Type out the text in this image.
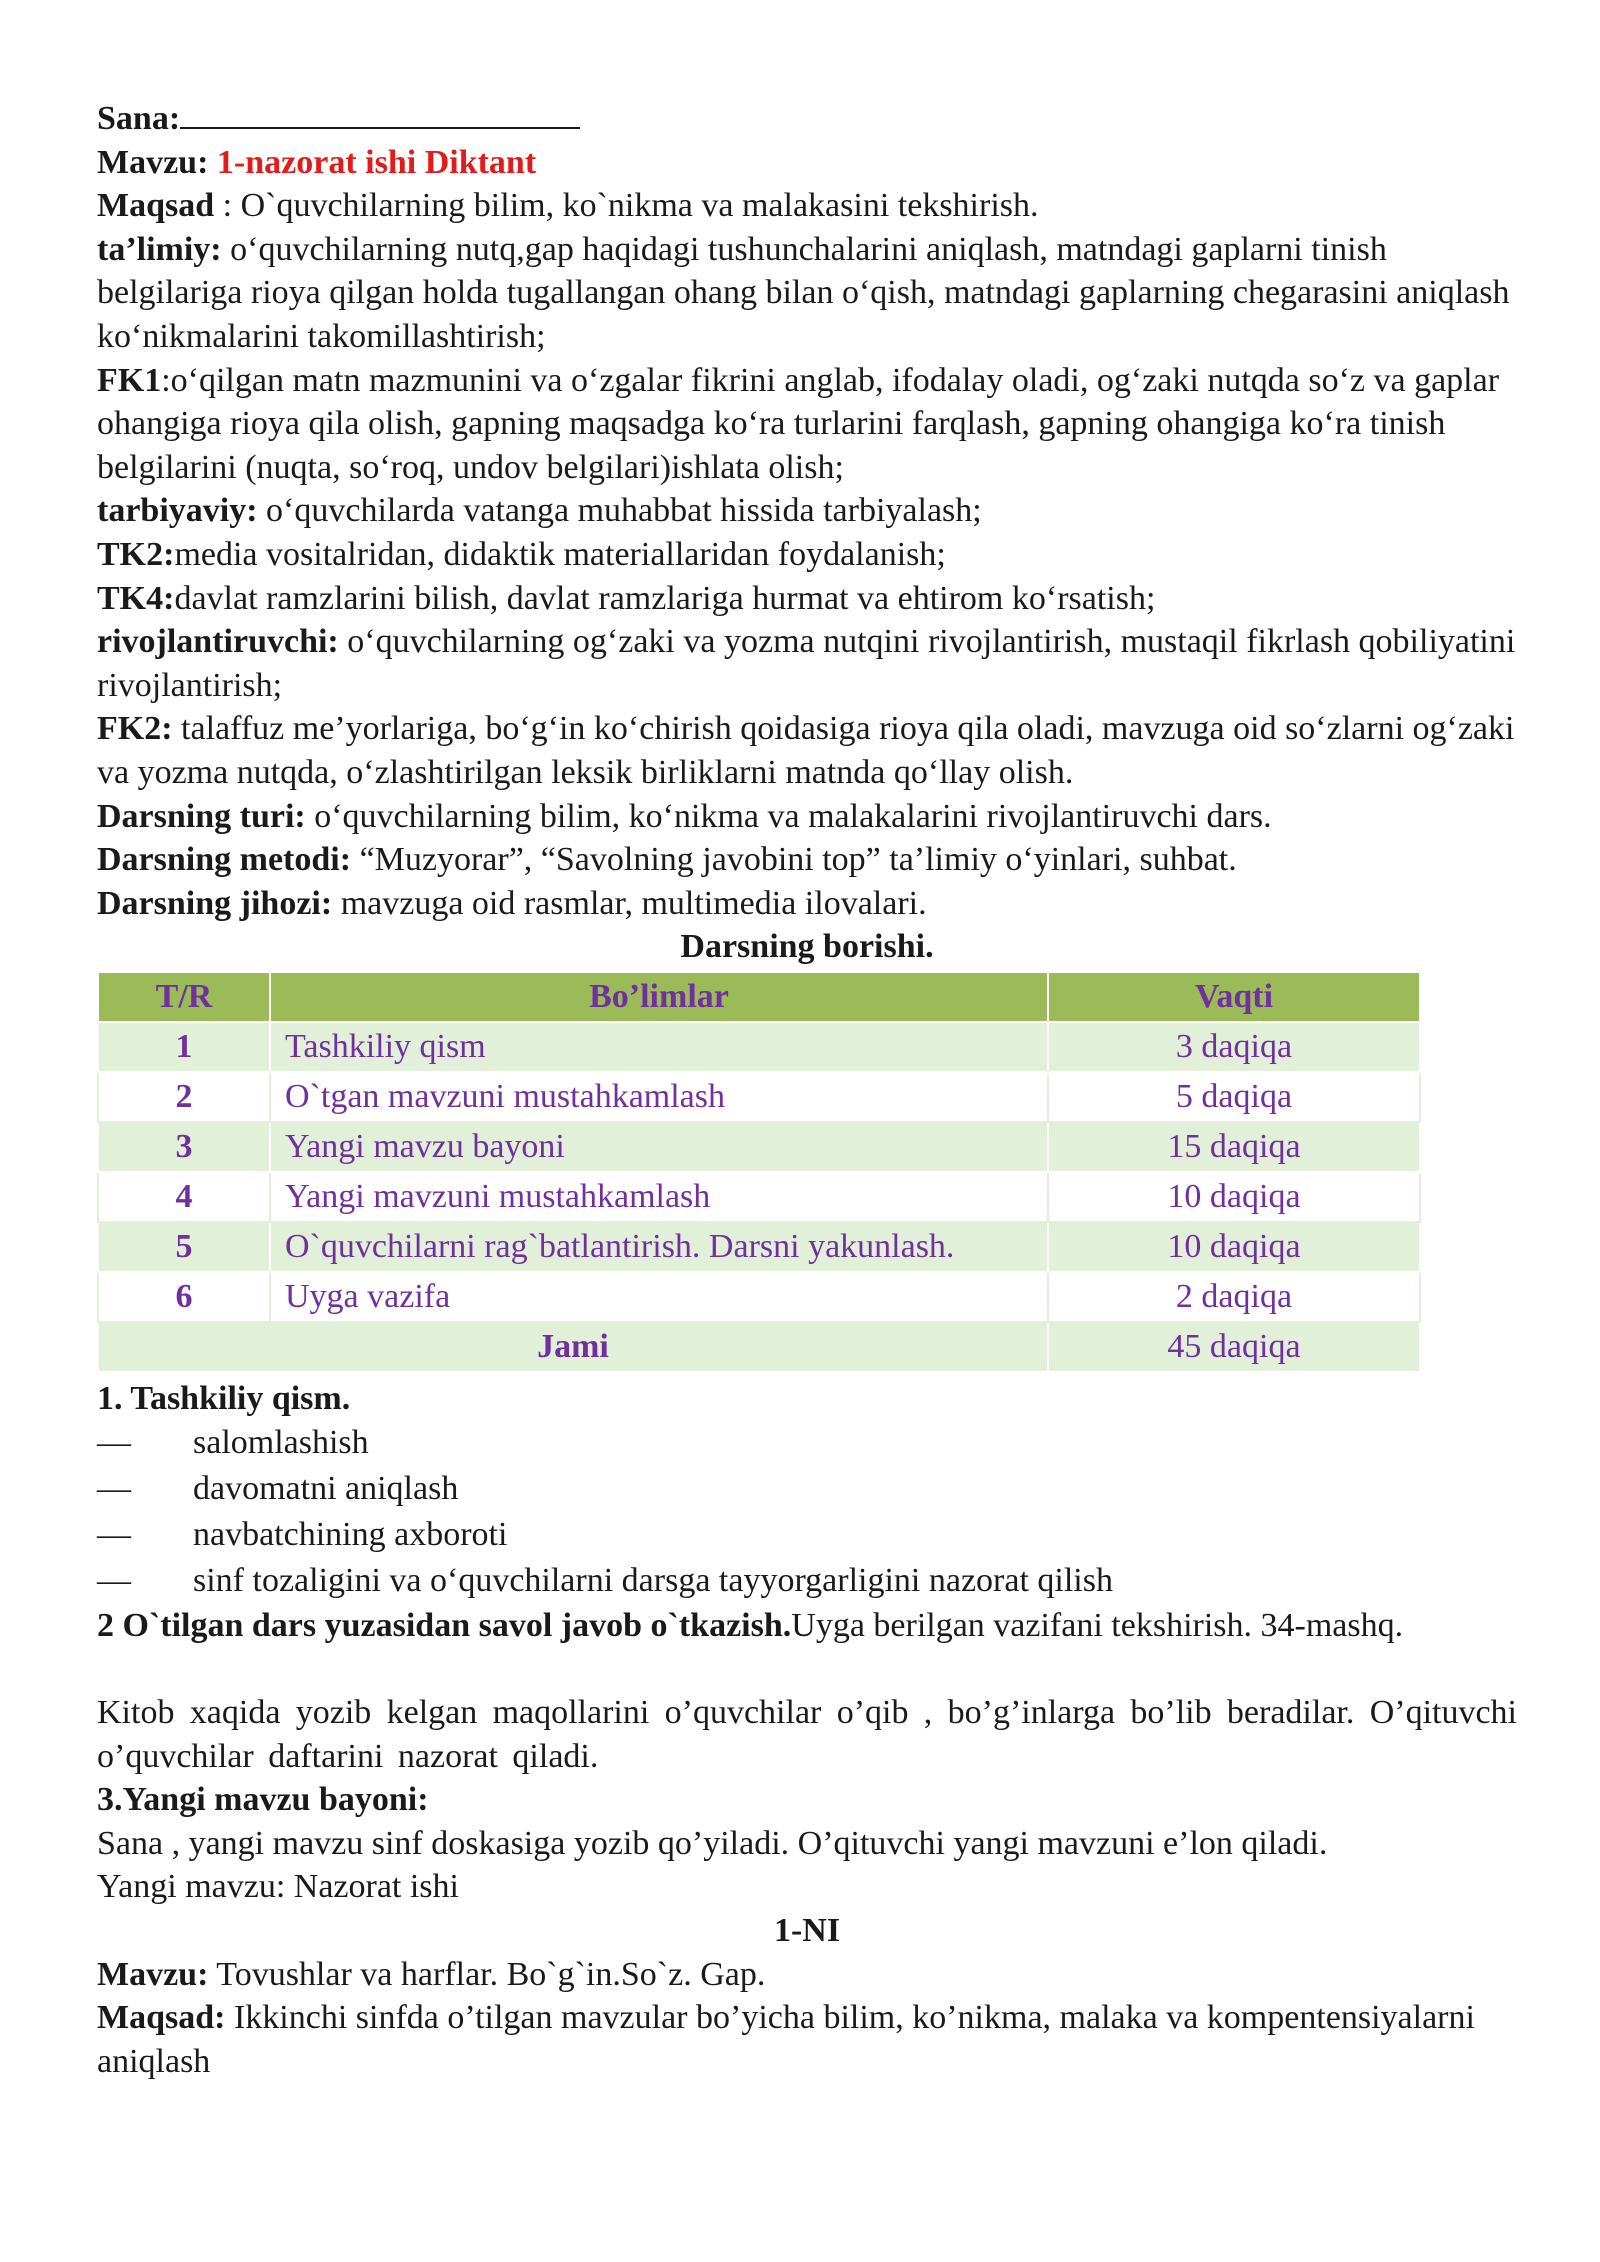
Sana:

Mavzu: 1-nazorat ishi Diktant

Maqsad : O`quvchilarning bilim, ko`nikma va malakasini tekshirish.

ta’limiy: o‘quvchilarning nutq,gap haqidagi tushunchalarini aniqlash, matndagi gaplarni tinish belgilariga rioya qilgan holda tugallangan ohang bilan o‘qish, matndagi gaplarning chegarasini aniqlash ko‘nikmalarini takomillashtirish;

FK1:o‘qilgan matn mazmunini va o‘zgalar fikrini anglab, ifodalay oladi, og‘zaki nutqda so‘z va gaplar ohangiga rioya qila olish, gapning maqsadga ko‘ra turlarini farqlash, gapning ohangiga ko‘ra tinish belgilarini (nuqta, so‘roq, undov belgilari)ishlata olish;

tarbiyaviy: o‘quvchilarda vatanga muhabbat hissida tarbiyalash;

TK2:media vositalridan, didaktik materiallaridan foydalanish;

TK4:davlat ramzlarini bilish, davlat ramzlariga hurmat va ehtirom ko‘rsatish;

rivojlantiruvchi: o‘quvchilarning og‘zaki va yozma nutqini rivojlantirish, mustaqil fikrlash qobiliyatini rivojlantirish;

FK2: talaffuz me’yorlariga, bo‘g‘in ko‘chirish qoidasiga rioya qila oladi, mavzuga oid so‘zlarni og‘zaki va yozma nutqda, o‘zlashtirilgan leksik birliklarni matnda qo‘llay olish.

Darsning turi: o‘quvchilarning bilim, ko‘nikma va malakalarini rivojlantiruvchi dars.

Darsning metodi: “Muzyorar”, “Savolning javobini top” ta’limiy o‘yinlari, suhbat.

Darsning jihozi: mavzuga oid rasmlar, multimedia ilovalari.

Darsning borishi.

T/R	Bo’limlar	Vaqti
1	Tashkiliy qism	3 daqiqa
2	O`tgan mavzuni mustahkamlash	5 daqiqa
3	Yangi mavzu bayoni	15 daqiqa
4	Yangi mavzuni mustahkamlash	10 daqiqa
5	O`quvchilarni rag`batlantirish. Darsni yakunlash.	10 daqiqa
6	Uyga vazifa	2 daqiqa
Jami		45 daqiqa

1. Tashkiliy qism.

— salomlashish
— davomatni aniqlash
— navbatchining axboroti
— sinf tozaligini va o‘quvchilarni darsga tayyorgarligini nazorat qilish

2 O`tilgan dars yuzasidan savol javob o`tkazish.Uyga berilgan vazifani tekshirish. 34-mashq.

Kitob xaqida yozib kelgan maqollarini o’quvchilar o’qib , bo’g’inlarga bo’lib beradilar. O’qituvchi o’quvchilar daftarini nazorat qiladi.

3.Yangi mavzu bayoni:

Sana , yangi mavzu sinf doskasiga yozib qo’yiladi. O’qituvchi yangi mavzuni e’lon qiladi.

Yangi mavzu: Nazorat ishi

1-NI

Mavzu: Tovushlar va harflar. Bo`g`in.So`z. Gap.

Maqsad: Ikkinchi sinfda o’tilgan mavzular bo’yicha bilim, ko’nikma, malaka va kompentensiyalarni aniqlash
